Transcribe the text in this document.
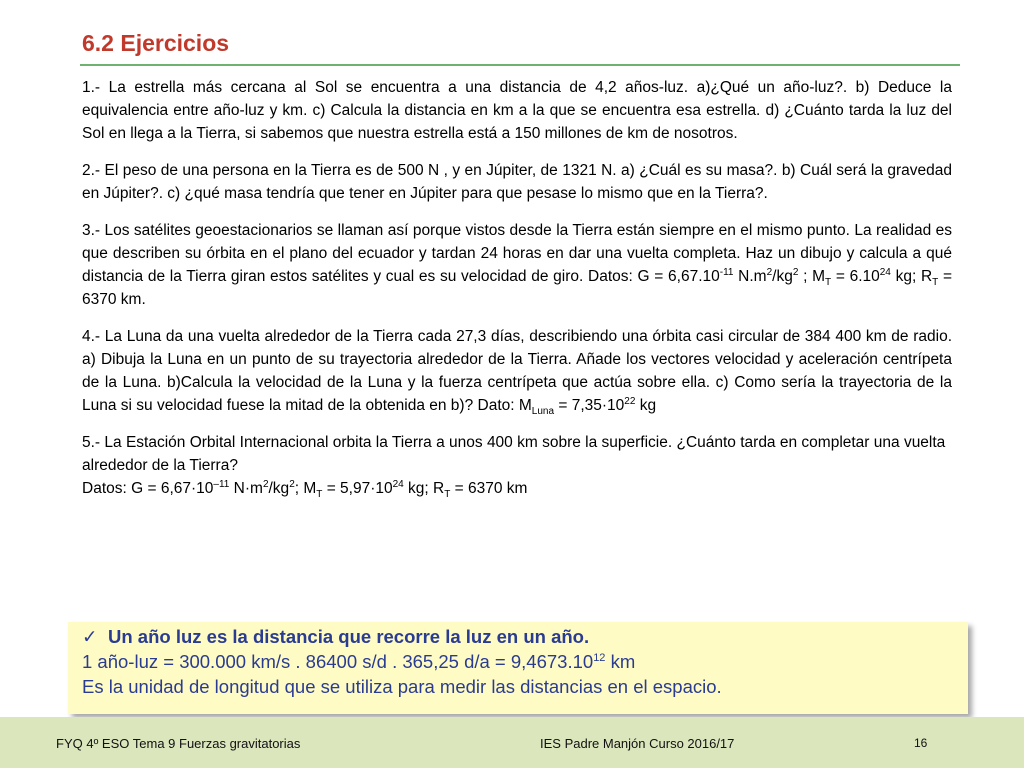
6.2 Ejercicios

1.- La estrella más cercana al Sol se encuentra a una distancia de 4,2 años-luz. a)¿Qué un año-luz?. b) Deduce la equivalencia entre año-luz y km. c) Calcula la distancia en km a la que se encuentra esa estrella. d) ¿Cuánto tarda la luz del Sol en llega a la Tierra, si sabemos que nuestra estrella está a 150 millones de km de nosotros.

2.- El peso de una persona en la Tierra es de 500 N , y en Júpiter, de 1321 N. a) ¿Cuál es su masa?. b) Cuál será la gravedad en Júpiter?. c) ¿qué masa tendría que tener en Júpiter para que pesase lo mismo que en la Tierra?.

3.- Los satélites geoestacionarios se llaman así porque vistos desde la Tierra están siempre en el mismo punto. La realidad es que describen su órbita en el plano del ecuador y tardan 24 horas en dar una vuelta completa. Haz un dibujo y calcula a qué distancia de la Tierra giran estos satélites y cual es su velocidad de giro. Datos: $G = 6,67.10^{-11}$ $N.m^2/kg^2$ ; $M_T = 6.10^{24}$ kg; $R_T = 6370$ km.

4.- La Luna da una vuelta alrededor de la Tierra cada 27,3 días, describiendo una órbita casi circular de 384 400 km de radio. a) Dibuja la Luna en un punto de su trayectoria alrededor de la Tierra. Añade los vectores velocidad y aceleración centrípeta de la Luna. b)Calcula la velocidad de la Luna y la fuerza centrípeta que actúa sobre ella. c) Como sería la trayectoria de la Luna si su velocidad fuese la mitad de la obtenida en b)? Dato: $M_{Luna} = 7,35\cdot 10^{22}$ kg

5.- La Estación Orbital Internacional orbita la Tierra a unos 400 km sobre la superficie. ¿Cuánto tarda en completar una vuelta alrededor de la Tierra?
Datos: $G = 6,67\cdot 10^{-11}$ $N\cdot m^2/kg^2$; $M_T = 5,97\cdot 10^{24}$ kg; $R_T = 6370$ km

✓ Un año luz es la distancia que recorre la luz en un año.
1 año-luz = 300.000 km/s . 86400 s/d . 365,25 $d/a = 9,4673.10^{12}$ km
Es la unidad de longitud que se utiliza para medir las distancias en el espacio.
FYQ 4º ESO Tema 9 Fuerzas gravitatorias	IES Padre Manjón Curso 2016/17	16
